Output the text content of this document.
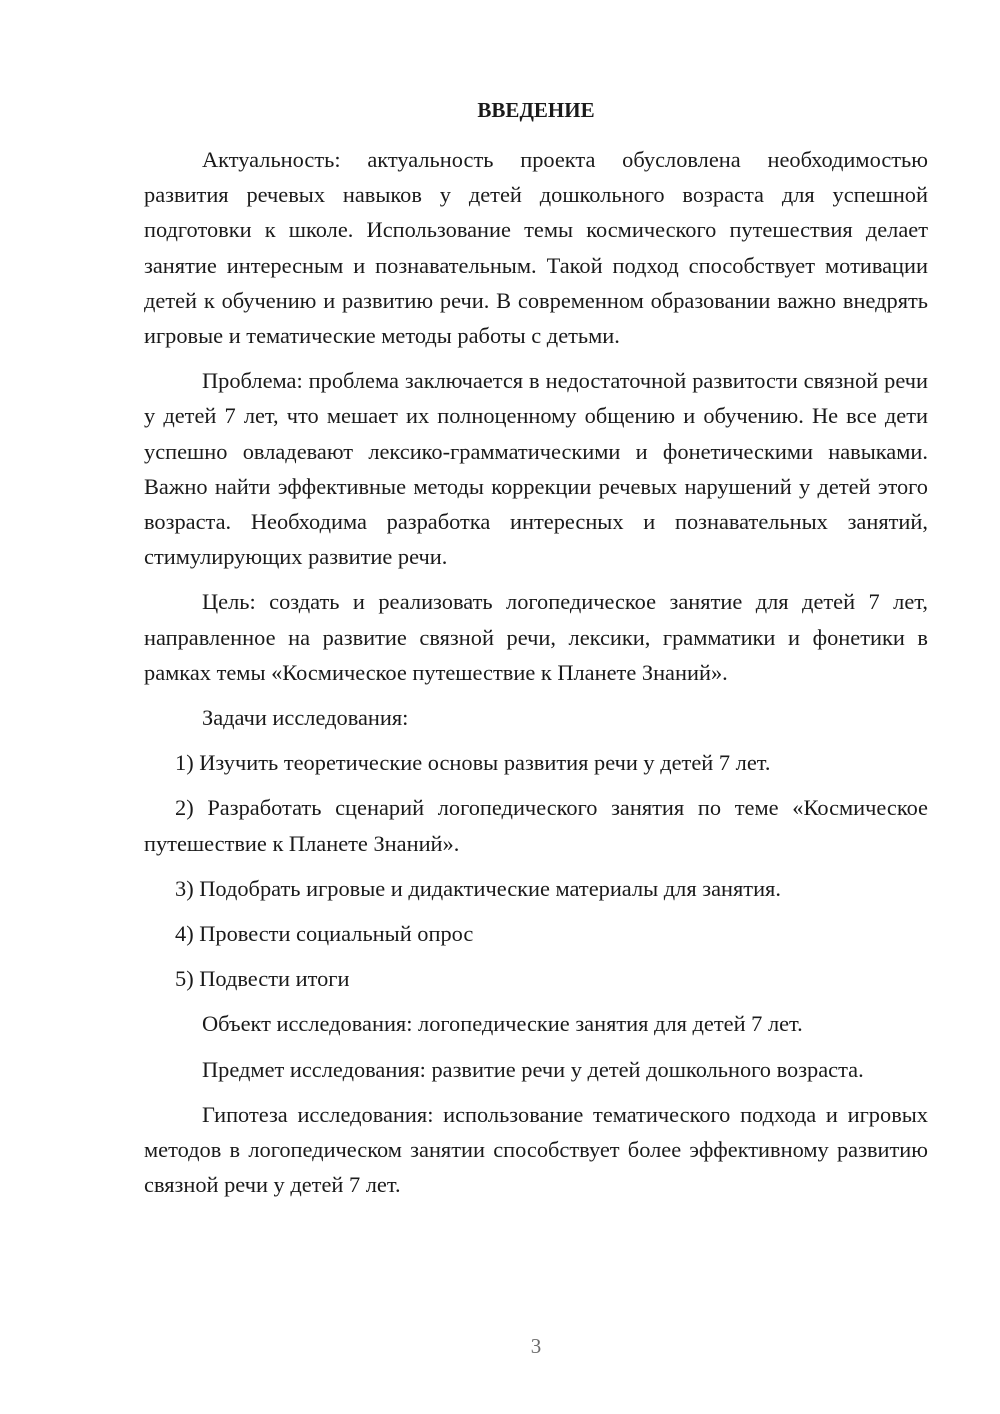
ВВЕДЕНИЕ

Актуальность: актуальность проекта обусловлена необходимостью развития речевых навыков у детей дошкольного возраста для успешной подготовки к школе. Использование темы космического путешествия делает занятие интересным и познавательным. Такой подход способствует мотивации детей к обучению и развитию речи. В современном образовании важно внедрять игровые и тематические методы работы с детьми.

Проблема: проблема заключается в недостаточной развитости связной речи у детей 7 лет, что мешает их полноценному общению и обучению. Не все дети успешно овладевают лексико-грамматическими и фонетическими навыками. Важно найти эффективные методы коррекции речевых нарушений у детей этого возраста. Необходима разработка интересных и познавательных занятий, стимулирующих развитие речи.

Цель: создать и реализовать логопедическое занятие для детей 7 лет, направленное на развитие связной речи, лексики, грамматики и фонетики в рамках темы «Космическое путешествие к Планете Знаний».

Задачи исследования:

1) Изучить теоретические основы развития речи у детей 7 лет.

2) Разработать сценарий логопедического занятия по теме «Космическое путешествие к Планете Знаний».

3) Подобрать игровые и дидактические материалы для занятия.

4) Провести социальный опрос

5) Подвести итоги

Объект исследования: логопедические занятия для детей 7 лет.

Предмет исследования: развитие речи у детей дошкольного возраста.

Гипотеза исследования: использование тематического подхода и игровых методов в логопедическом занятии способствует более эффективному развитию связной речи у детей 7 лет.

3
